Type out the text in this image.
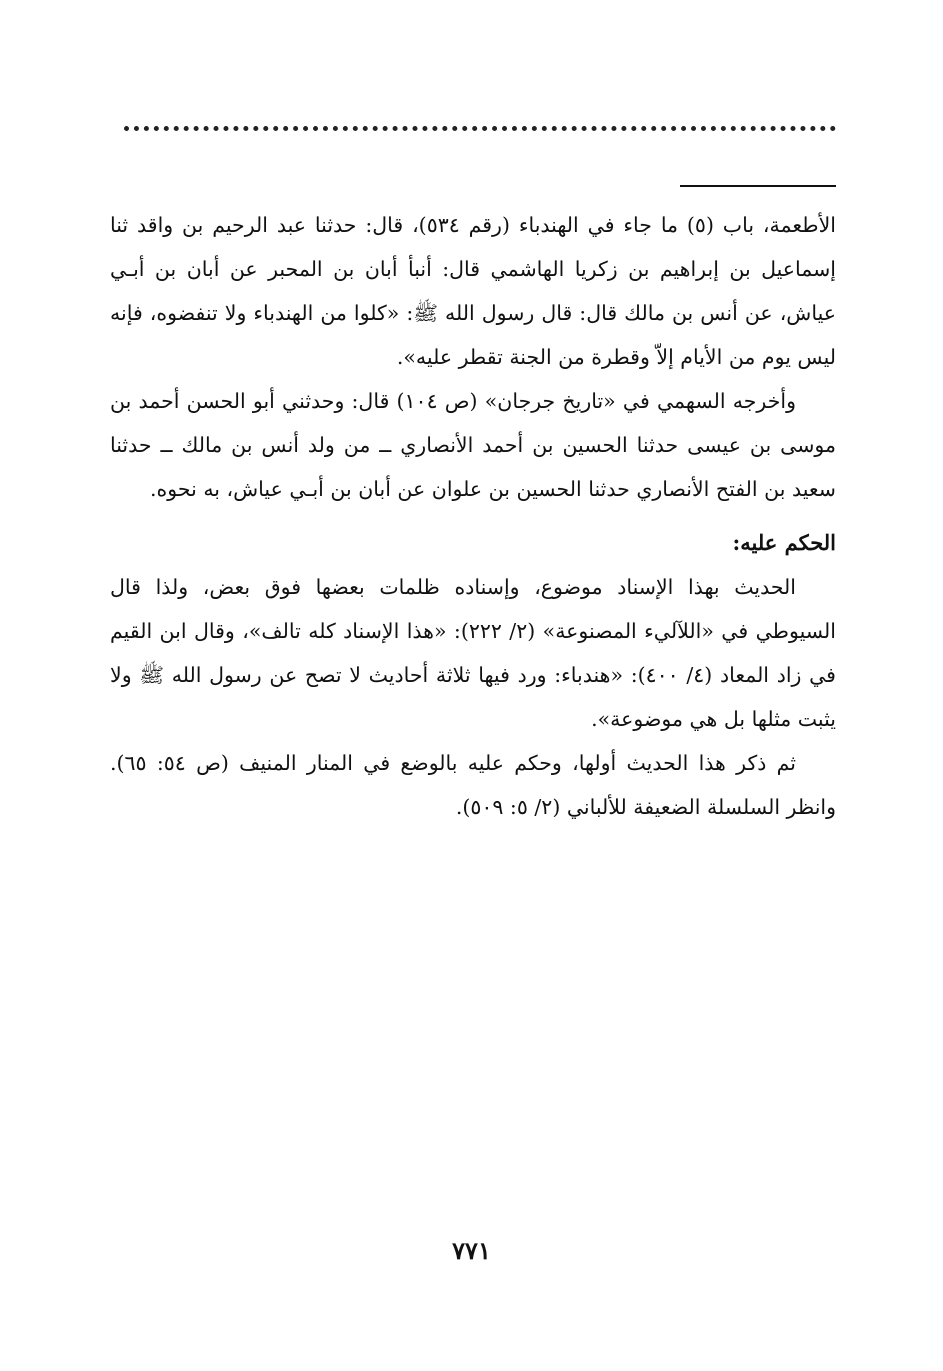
الأطعمة، باب (٥) ما جاء في الهندباء (رقم ٥٣٤)، قال: حدثنا عبد الرحيم بن واقد ثنا إسماعيل بن إبراهيم بن زكريا الهاشمي قال: أنبأ أبان بن المحبر عن أبان بن أبـي عياش، عن أنس بن مالك قال: قال رسول الله ﷺ: «كلوا من الهندباء ولا تنفضوه، فإنه ليس يوم من الأيام إلاّ وقطرة من الجنة تقطر عليه».

وأخرجه السهمي في «تاريخ جرجان» (ص ١٠٤) قال: وحدثني أبو الحسن أحمد بن موسى بن عيسى حدثنا الحسين بن أحمد الأنصاري ــ من ولد أنس بن مالك ــ حدثنا سعيد بن الفتح الأنصاري حدثنا الحسين بن علوان عن أبان بن أبـي عياش، به نحوه.

الحكم عليه:

الحديث بهذا الإسناد موضوع، وإسناده ظلمات بعضها فوق بعض، ولذا قال السيوطي في «اللآليء المصنوعة» (٢/ ٢٢٢): «هذا الإسناد كله تالف»، وقال ابن القيم في زاد المعاد (٤/ ٤٠٠): «هندباء: ورد فيها ثلاثة أحاديث لا تصح عن رسول الله ﷺ ولا يثبت مثلها بل هي موضوعة».

ثم ذكر هذا الحديث أولها، وحكم عليه بالوضع في المنار المنيف (ص ٥٤: ٦٥). وانظر السلسلة الضعيفة للألباني (٢/ ٥: ٥٠٩).

٧٧١
